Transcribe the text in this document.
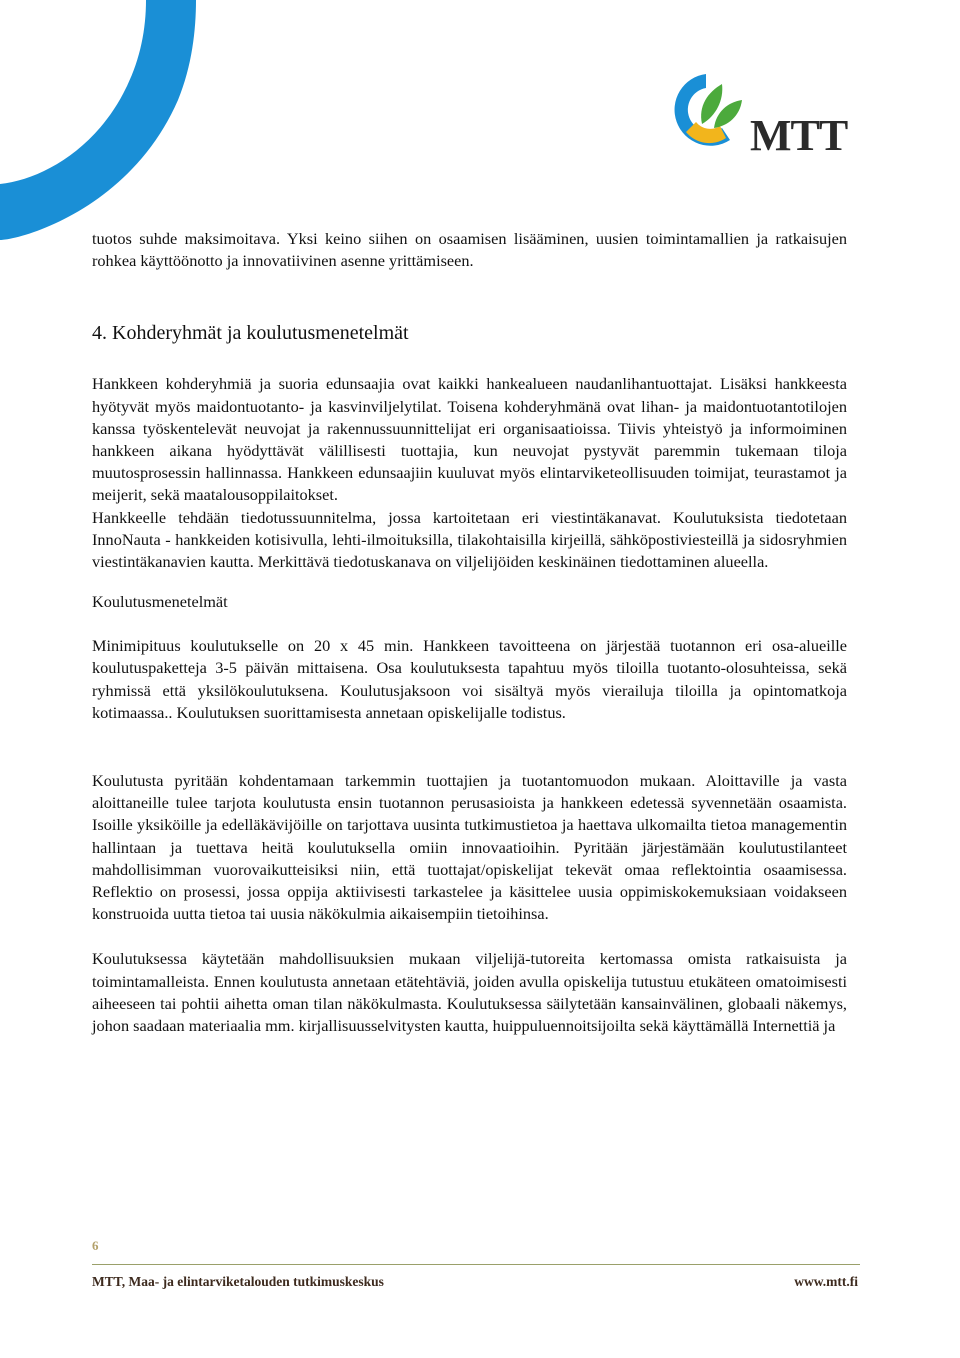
MTT

tuotos suhde maksimoitava. Yksi keino siihen on osaamisen lisääminen, uusien toimintamallien ja ratkaisujen rohkea käyttöönotto ja innovatiivinen asenne yrittämiseen.

4. Kohderyhmät ja koulutusmenetelmät

Hankkeen kohderyhmiä ja suoria edunsaajia ovat kaikki hankealueen naudanlihantuottajat. Lisäksi hankkeesta hyötyvät myös maidontuotanto- ja kasvinviljelytilat. Toisena kohderyhmänä ovat lihan- ja maidontuotantotilojen kanssa työskentelevät neuvojat ja rakennussuunnittelijat eri organisaatioissa. Tiivis yhteistyö ja informoiminen hankkeen aikana hyödyttävät välillisesti tuottajia, kun neuvojat pystyvät paremmin tukemaan tiloja muutosprosessin hallinnassa. Hankkeen edunsaajiin kuuluvat myös elintarviketeollisuuden toimijat, teurastamot ja meijerit, sekä maatalousoppilaitokset.

Hankkeelle tehdään tiedotussuunnitelma, jossa kartoitetaan eri viestintäkanavat. Koulutuksista tiedotetaan InnoNauta - hankkeiden kotisivulla, lehti-ilmoituksilla, tilakohtaisilla kirjeillä, sähköpostiviesteillä ja sidosryhmien viestintäkanavien kautta. Merkittävä tiedotuskanava on viljelijöiden keskinäinen tiedottaminen alueella.

Koulutusmenetelmät

Minimipituus koulutukselle on 20 x 45 min. Hankkeen tavoitteena on järjestää tuotannon eri osa-alueille koulutuspaketteja 3-5 päivän mittaisena. Osa koulutuksesta tapahtuu myös tiloilla tuotanto-olosuhteissa, sekä ryhmissä että yksilökoulutuksena. Koulutusjaksoon voi sisältyä myös vierailuja tiloilla ja opintomatkoja kotimaassa.. Koulutuksen suorittamisesta annetaan opiskelijalle todistus.

Koulutusta pyritään kohdentamaan tarkemmin tuottajien ja tuotantomuodon mukaan. Aloittaville ja vasta aloittaneille tulee tarjota koulutusta ensin tuotannon perusasioista ja hankkeen edetessä syvennetään osaamista. Isoille yksiköille ja edelläkävijöille on tarjottava uusinta tutkimustietoa ja haettava ulkomailta tietoa managementin hallintaan ja tuettava heitä koulutuksella omiin innovaatioihin. Pyritään järjestämään koulutustilanteet mahdollisimman vuorovaikutteisiksi niin, että tuottajat/opiskelijat tekevät omaa reflektointia osaamisessa. Reflektio on prosessi, jossa oppija aktiivisesti tarkastelee ja käsittelee uusia oppimiskokemuksiaan voidakseen konstruoida uutta tietoa tai uusia näkökulmia aikaisempiin tietoihinsa.

Koulutuksessa käytetään mahdollisuuksien mukaan viljelijä-tutoreita kertomassa omista ratkaisuista ja toimintamalleista. Ennen koulutusta annetaan etätehtäviä, joiden avulla opiskelija tutustuu etukäteen omatoimisesti aiheeseen tai pohtii aihetta oman tilan näkökulmasta. Koulutuksessa säilytetään kansainvälinen, globaali näkemys, johon saadaan materiaalia mm. kirjallisuusselvitysten kautta, huippuluennoitsijoilta sekä käyttämällä Internettiä ja

6
MTT, Maa- ja elintarviketalouden tutkimuskeskus	www.mtt.fi
